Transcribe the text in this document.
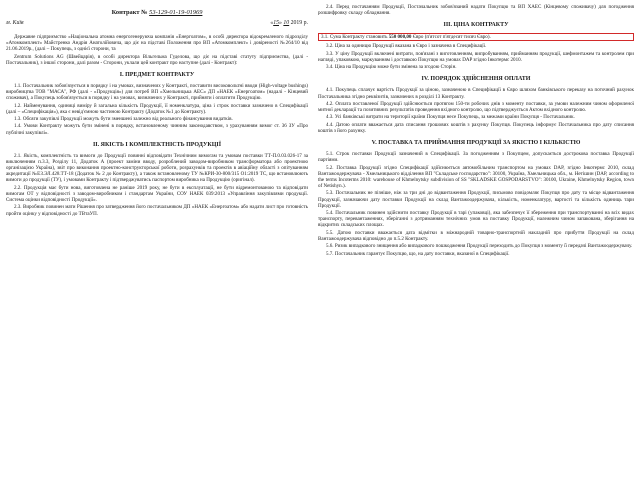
Контракт № 53-129-01-19-01969
м. Київ	«15» 10 2019 р.

Державне підприємство «Національна атомна енергогенеруюча компанія «Енергоатом», в особі директора відокремленого підрозділу «Атомкомплект» Майстренко Андрія Анатолійовича, що діє на підставі Положення про ВП «Атомкомплект» і довіреності №264/10 від 21.06.2019р., (далі – Покупець, з однієї сторони, та

Zentrum Solutions AG (Швейцарія), в особі директора Вільгельма Гуделова, що діє на підставі статуту підприємства, (далі - Постачальник), з іншої сторони, далі разом - Сторони, уклали цей контракт про наступне (далі - Контракт):

І. ПРЕДМЕТ КОНТРАКТУ

1.1. Постачальник зобов'язується в порядку і на умовах, визначених у Контракті, поставити високовольтні вводи (High-voltage bushings) виробництва ТОВ "МАСА", РФ (далі - «Продукція») для потреб ВП «Хмельницька АЕС» ДП «НАЕК «Енергоатом» (надалі - Кінцевий споживач), а Покупець зобов'язується в порядку і на умовах, визначених у Контракті, прийняти і оплатити Продукцію.

1.2. Найменування, одиниці виміру й загальна кількість Продукції, її номенклатура, ціна і строк поставки зазначено в Специфікації (далі – «Специфікація»), яка є невід'ємною частиною Контракту (Додаток №1 до Контракту).

1.3. Обсяги закупівлі Продукції можуть бути зменшені залежно від реального фінансування видатків.

1.4. Умови Контракту можуть бути змінені в порядку, встановленому чинним законодавством, з урахуванням вимог ст. 36 ЗУ «Про публічні закупівлі».

ІІ. ЯКІСТЬ І КОМПЛЕКТНІСТЬ ПРОДУКЦІЇ

2.1. Якість, комплектність та вимоги до Продукції повинні відповідати Технічним вимогам та умовам поставки ТТ-П.0.03.026-17 за виключенням п.3.3, Розділу 11, Додаток А (проект заміни вводу, розроблений заводом-виробником трансформатора або проектною організацією Україна), звіт про виконання проектно-конструкторської роботи, розрахунків та проектів в авіаційну області з опітуванням акредитації №ЕЗ.ЭЛ.428.ТТ-18 (Додаток № 2 до Контракту), а також встановленому ТУ №КРИ-30-800/315 О1:2019 ТС, що встановлюють вимоги до продукції (ТУ), і умовами Контракту і підтверджуватись паспортом виробника на Продукцію (оригінал).

2.2. Продукція має бути нова, виготовлена не раніше 2019 року, не бути в експлуатації, не бути відремонтованою та відповідати вимогам ОТ у відповідності з заводом-виробником і стандартам України, СОУ НАЕК 039:2013 «Управління закупівлями продукції. Система оцінки відповідності Продукції».

2.3. Виробник повинен мати Рішення про затвердження його постачальником ДП «НАЕК «Енергоатом» або надати лист про готовність пройти оцінку у відповідності до ТВтаУП.

2.4. Перед постачанням Продукції, Постачальник зобов'язаний надати Покупцю та ВП ХАЕС (Кінцевому споживачу) для погодження розшифровку складу обладнання.

ІІІ. ЦІНА КОНТРАКТУ
3.1. Сума Контракту становить 550 000,00 Євро (п'ятсот п'ятдесят тисяч Євро).

3.2. Ціна за одиницю Продукції вказана в Євро і зазначена в Специфікації.

3.3. У ціну Продукції включені витрати, пов'язані з виготовленням, випробуванням, прийманням продукції, шефмонтажем та контролем при нагляді, упаковкою, маркуванням і доставкою Покупцю на умовах DAP згідно Інкотермс 2010.

3.4. Ціна на Продукцію може бути змінена за згодою Сторін.

IV. ПОРЯДОК ЗДІЙСНЕННЯ ОПЛАТИ

4.1. Покупець сплачує вартість Продукції за ціною, зазначеною в Специфікації в Євро шляхом банківського переказу на поточний рахунок Постачальника згідно реквізитів, зазначених в розділі 13 Контракту.

4.2. Оплата поставленої Продукції здійснюється протягом 150-ти робочих днів з моменту поставки, за умови належним чином оформленої митної декларації та позитивних результатів проведення вхідного контролю, що підтверджується Актом вхідного контролю.

4.3. Усі банківські витрати на території країни Покупця несе Покупець, за межами країни Покупця - Постачальник.

4.4. Датою оплати вважається дата списання грошових коштів з рахунку Покупця. Покупець інформує Постачальника про дату списання коштів з його рахунку.

V. ПОСТАВКА ТА ПРИЙМАННЯ ПРОДУКЦІЇ ЗА ЯКІСТЮ І КІЛЬКІСТЮ

5.1. Строк поставки Продукції зазначений в Специфікації. За погодженням з Покупцем, допускається дострокова поставка Продукції партіями.

5.2. Поставка Продукції згідно Специфікації здійснюється автомобільним транспортом на умовах DAP, згідно Інкотермс 2010, склад Вантажоодержувача - Хмельницького відділення ВП "Складське господарство": 30100, Україна, Хмельницька обл., м. Нетішин (DAP, according to the terms Incoterms 2010: warehouse of Khmelnytsky subdivision of SS "SKLADSKE GOSPODARSTVO": 30100, Ukraine, Khmelnytsky Region, town of Netishyn.).

5.3. Постачальник не пізніше, ніж за три дні до відвантаження Продукції, письмово повідомляє Покупця про дату та місце відвантаження Продукції, зазначаючи дату поставки Продукції на склад Вантажоодержувача, кількість, номенклатуру, вартості та кількість одиниць тари Продукції.

5.4. Постачальник повинен здійснити поставку Продукції в тарі (упаковці), яка забезпечує її збереження при транспортуванні на всіх видах транспорту, перевантаженнях, зберіганні з дотриманням технічних умов на поставку Продукції, належним чином запакована, зберігання на відкритих складських площах.

5.5. Датою поставки вважається дата відмітки в міжнародній товарно-транспортній накладній про прибуття Продукції на склад Вантажоодержувача відповідно до п.5.2 Контракту.

5.6. Ризик випадкового знищення або випадкового пошкодження Продукції переходить до Покупця з моменту її передачі Вантажоодержувачу.

5.7. Постачальник гарантує Покупцю, що, на дату поставки, вказаної в Специфікації.
